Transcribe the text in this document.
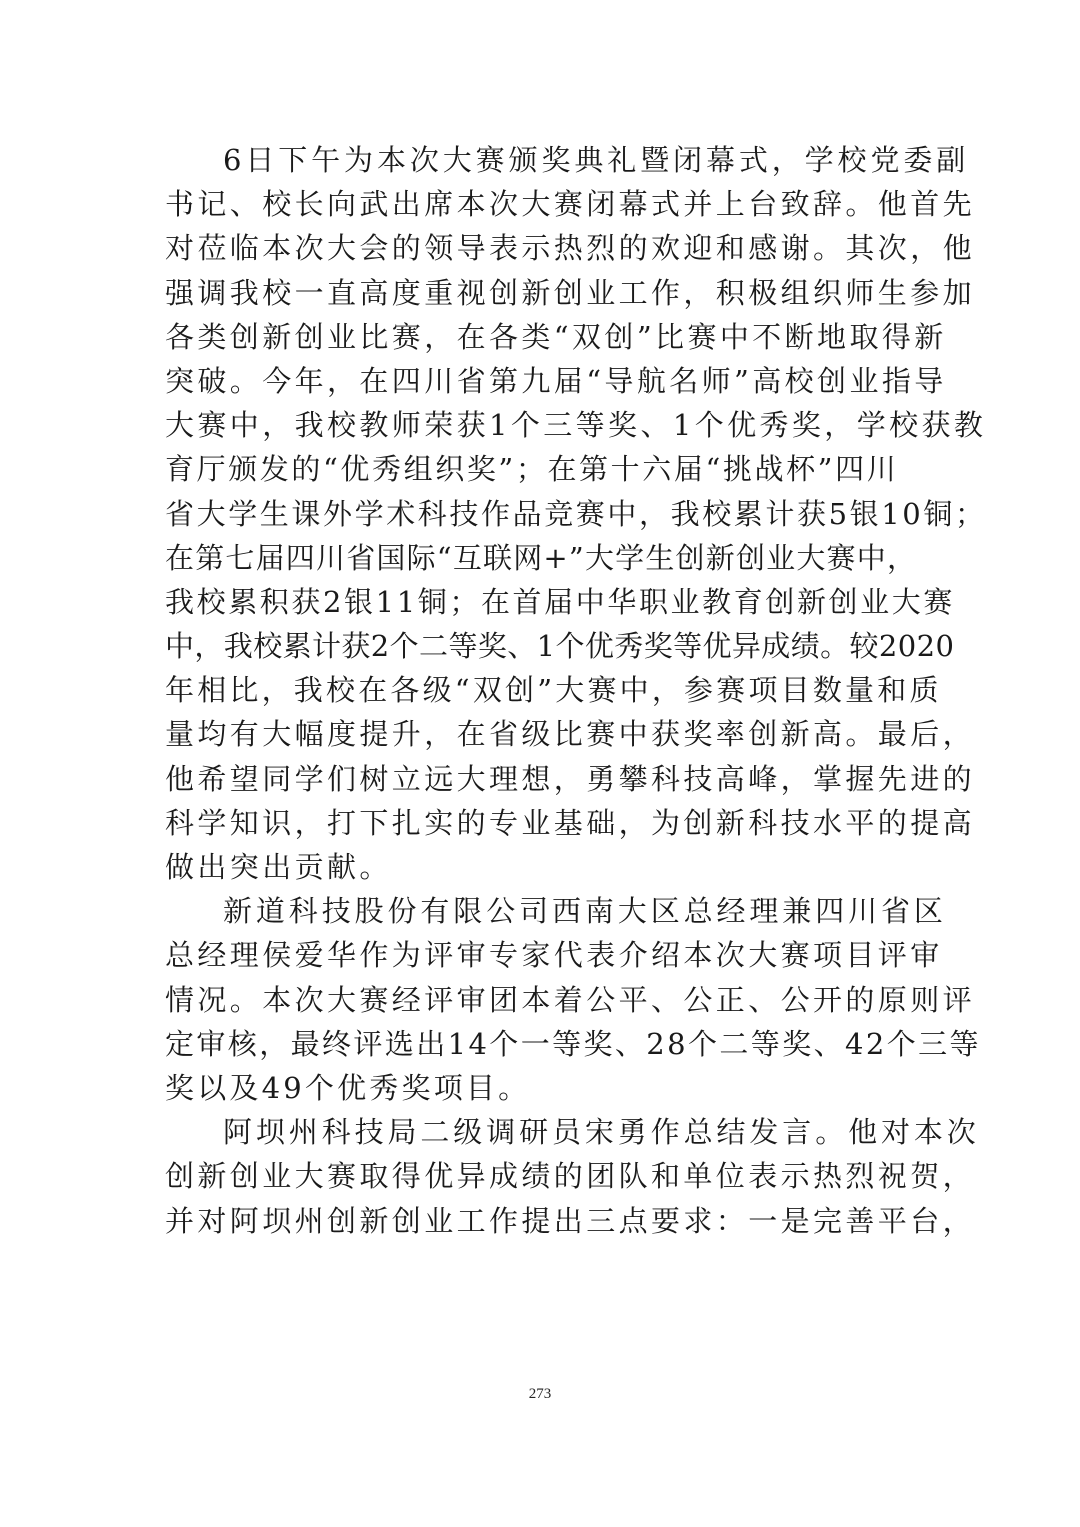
6日下午为本次大赛颁奖典礼暨闭幕式，学校党委副
书记、校长向武出席本次大赛闭幕式并上台致辞。他首先
对莅临本次大会的领导表示热烈的欢迎和感谢。其次，他
强调我校一直高度重视创新创业工作，积极组织师生参加
各类创新创业比赛，在各类“双创”比赛中不断地取得新
突破。今年，在四川省第九届“导航名师”高校创业指导
大赛中，我校教师荣获1个三等奖、1个优秀奖，学校获教
育厅颁发的“优秀组织奖”；在第十六届“挑战杯”四川
省大学生课外学术科技作品竞赛中，我校累计获5银10铜；
在第七届四川省国际“互联网+”大学生创新创业大赛中，
我校累积获2银11铜；在首届中华职业教育创新创业大赛
中，我校累计获2个二等奖、1个优秀奖等优异成绩。较2020
年相比，我校在各级“双创”大赛中，参赛项目数量和质
量均有大幅度提升，在省级比赛中获奖率创新高。最后，
他希望同学们树立远大理想，勇攀科技高峰，掌握先进的
科学知识，打下扎实的专业基础，为创新科技水平的提高
做出突出贡献。
新道科技股份有限公司西南大区总经理兼四川省区
总经理侯爱华作为评审专家代表介绍本次大赛项目评审
情况。本次大赛经评审团本着公平、公正、公开的原则评
定审核，最终评选出14个一等奖、28个二等奖、42个三等
奖以及49个优秀奖项目。
阿坝州科技局二级调研员宋勇作总结发言。他对本次
创新创业大赛取得优异成绩的团队和单位表示热烈祝贺，
并对阿坝州创新创业工作提出三点要求：一是完善平台，
273
